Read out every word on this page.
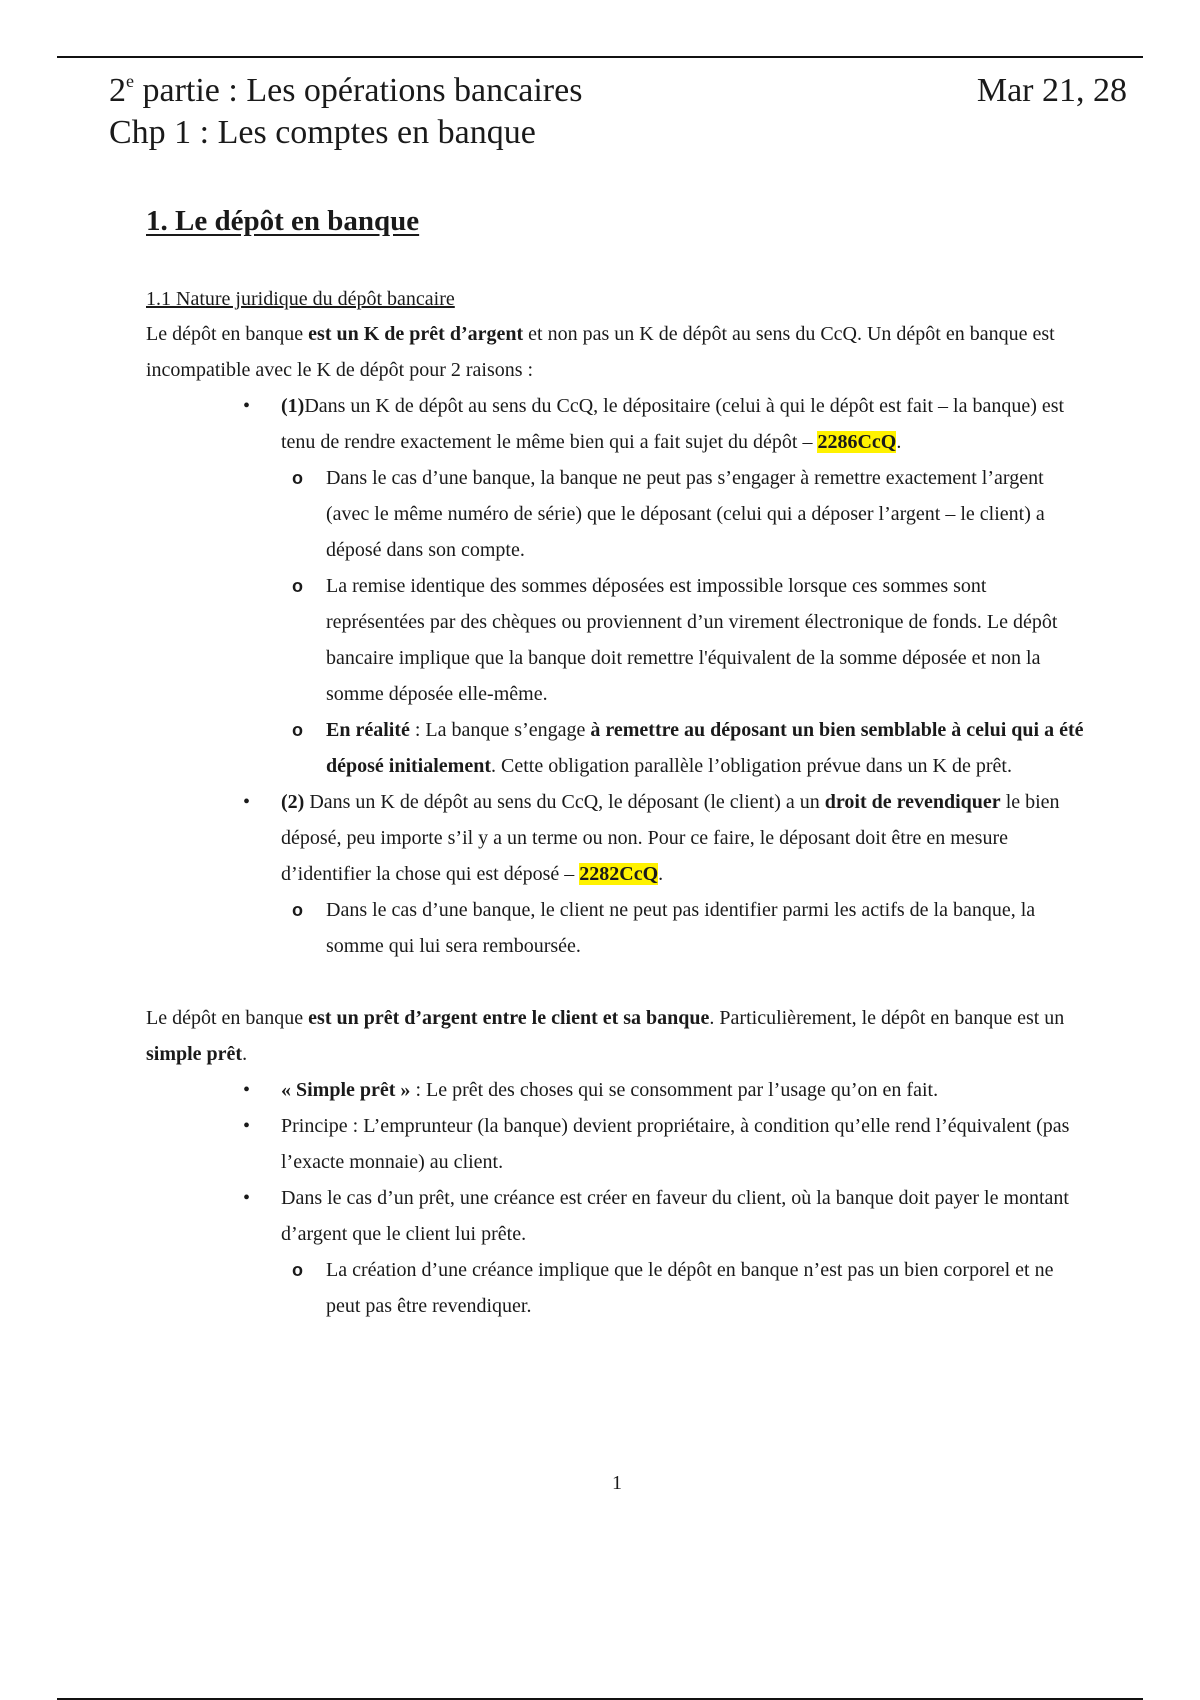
2e partie : Les opérations bancaires	Mar 21, 28
Chp 1 : Les comptes en banque
1. Le dépôt en banque
1.1 Nature juridique du dépôt bancaire

Le dépôt en banque est un K de prêt d’argent et non pas un K de dépôt au sens du CcQ. Un dépôt en banque est incompatible avec le K de dépôt pour 2 raisons :

• (1)Dans un K de dépôt au sens du CcQ, le dépositaire (celui à qui le dépôt est fait – la banque) est tenu de rendre exactement le même bien qui a fait sujet du dépôt – 2286CcQ.
o Dans le cas d’une banque, la banque ne peut pas s’engager à remettre exactement l’argent (avec le même numéro de série) que le déposant (celui qui a déposer l’argent – le client) a déposé dans son compte.
o La remise identique des sommes déposées est impossible lorsque ces sommes sont représentées par des chèques ou proviennent d’un virement électronique de fonds. Le dépôt bancaire implique que la banque doit remettre l'équivalent de la somme déposée et non la somme déposée elle-même.
o En réalité : La banque s’engage à remettre au déposant un bien semblable à celui qui a été déposé initialement. Cette obligation parallèle l’obligation prévue dans un K de prêt.
• (2) Dans un K de dépôt au sens du CcQ, le déposant (le client) a un droit de revendiquer le bien déposé, peu importe s’il y a un terme ou non. Pour ce faire, le déposant doit être en mesure d’identifier la chose qui est déposé – 2282CcQ.
o Dans le cas d’une banque, le client ne peut pas identifier parmi les actifs de la banque, la somme qui lui sera remboursée.

Le dépôt en banque est un prêt d’argent entre le client et sa banque. Particulièrement, le dépôt en banque est un simple prêt.

• « Simple prêt » : Le prêt des choses qui se consomment par l’usage qu’on en fait.
• Principe : L’emprunteur (la banque) devient propriétaire, à condition qu’elle rend l’équivalent (pas l’exacte monnaie) au client.
• Dans le cas d’un prêt, une créance est créer en faveur du client, où la banque doit payer le montant d’argent que le client lui prête.
o La création d’une créance implique que le dépôt en banque n’est pas un bien corporel et ne peut pas être revendiquer.
1
